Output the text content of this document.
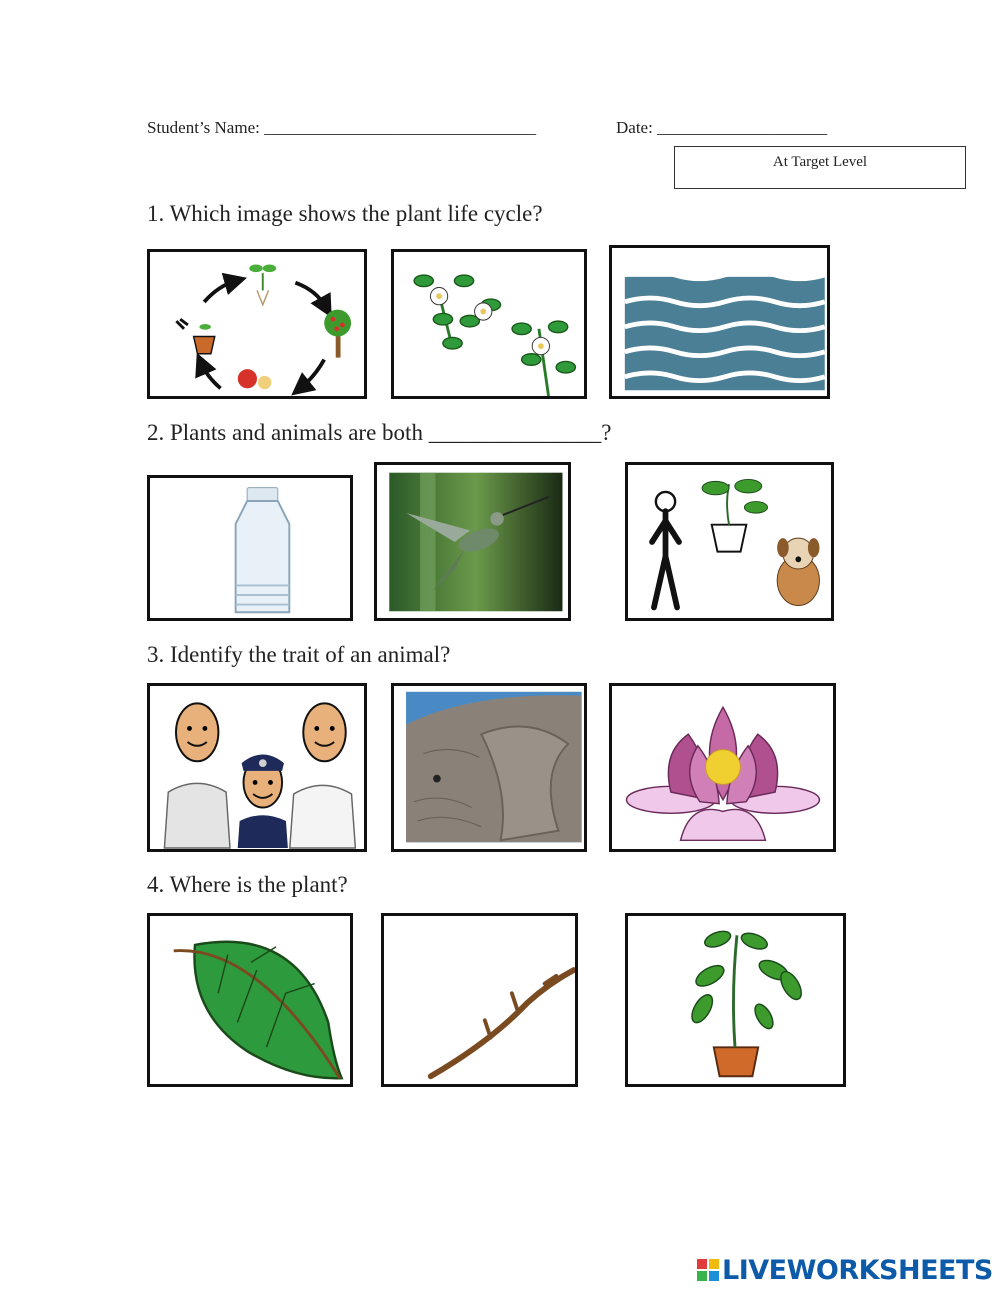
Student’s Name: ________________________________	Date: ____________________
At Target Level
1. Which image shows the plant life cycle?
2. Plants and animals are both _______________?
3. Identify the trait of an animal?
4. Where is the plant?
LIVEWORKSHEETS
